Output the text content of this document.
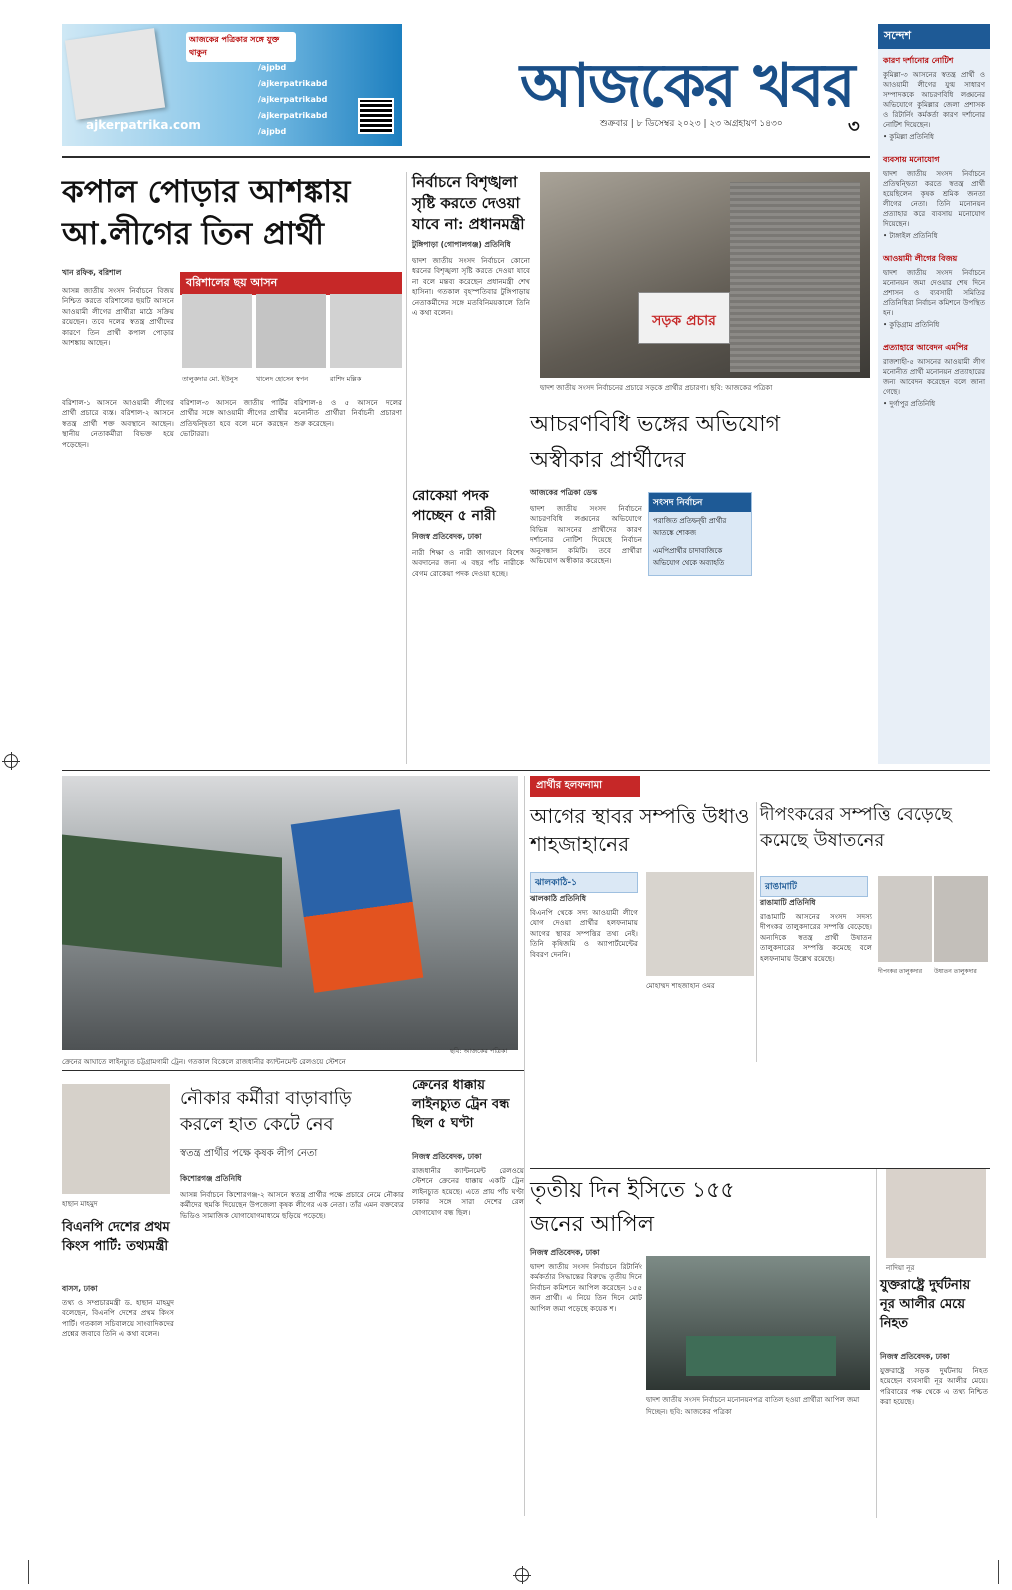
ajkerpatrika.com
আজকের পত্রিকার সঙ্গে যুক্ত থাকুন
/ajpbd
/ajkerpatrikabd
/ajkerpatrikabd
/ajkerpatrikabd
/ajpbd
আজকের খবর
শুক্রবার | ৮ ডিসেম্বর ২০২৩ | ২৩ অগ্রহায়ণ ১৪৩০	৩
সন্দেশ
কারণ দর্শানোর নোটিশ
কুমিল্লা-৩ আসনের স্বতন্ত্র প্রার্থী ও আওয়ামী লীগের যুগ্ম সাধারণ সম্পাদককে আচরণবিধি লঙ্ঘনের অভিযোগে কুমিল্লার জেলা প্রশাসক ও রিটার্নিং কর্মকর্তা কারণ দর্শানোর নোটিশ দিয়েছেন।
• কুমিল্লা প্রতিনিধি
ব্যবসায় মনোযোগ
দ্বাদশ জাতীয় সংসদ নির্বাচনে প্রতিদ্বন্দ্বিতা করতে স্বতন্ত্র প্রার্থী হয়েছিলেন কৃষক শ্রমিক জনতা লীগের নেতা। তিনি মনোনয়ন প্রত্যাহার করে ব্যবসায় মনোযোগ দিয়েছেন।
• টাঙ্গাইল প্রতিনিধি
আওয়ামী লীগের বিজয়
দ্বাদশ জাতীয় সংসদ নির্বাচনে মনোনয়ন জমা দেওয়ার শেষ দিনে প্রশাসন ও ব্যবসায়ী সমিতির প্রতিনিধিরা নির্বাচন কমিশনে উপস্থিত হন।
• কুড়িগ্রাম প্রতিনিধি
প্রত্যাহারে আবেদন এমপির
রাজশাহী-৫ আসনের আওয়ামী লীগ মনোনীত প্রার্থী মনোনয়ন প্রত্যাহারের জন্য আবেদন করেছেন বলে জানা গেছে।
• দুর্গাপুর প্রতিনিধি
কপাল পোড়ার আশঙ্কায়
আ.লীগের তিন প্রার্থী
খান রফিক, বরিশাল
বরিশালের ছয় আসন
তালুকদার মো. ইউনুস	খালেদ হোসেন স্বপন	রাশিদ মল্লিক
আসন্ন জাতীয় সংসদ নির্বাচনে বিজয় নিশ্চিত করতে বরিশালের ছয়টি আসনে আওয়ামী লীগের প্রার্থীরা মাঠে সক্রিয় রয়েছেন। তবে দলের স্বতন্ত্র প্রার্থীদের কারণে তিন প্রার্থী কপাল পোড়ার আশঙ্কায় আছেন।
বরিশাল-১ আসনে আওয়ামী লীগের প্রার্থী প্রচারে ব্যস্ত। বরিশাল-২ আসনে স্বতন্ত্র প্রার্থী শক্ত অবস্থানে আছেন। স্থানীয় নেতাকর্মীরা বিভক্ত হয়ে পড়েছেন।
বরিশাল-৩ আসনে জাতীয় পার্টির প্রার্থীর সঙ্গে আওয়ামী লীগের প্রার্থীর প্রতিদ্বন্দ্বিতা হবে বলে মনে করছেন ভোটাররা।
বরিশাল-৪ ও ৫ আসনে দলের মনোনীত প্রার্থীরা নির্বাচনী প্রচারণা শুরু করেছেন।
নির্বাচনে বিশৃঙ্খলা সৃষ্টি করতে দেওয়া যাবে না: প্রধানমন্ত্রী
টুঙ্গিপাড়া (গোপালগঞ্জ) প্রতিনিধি
দ্বাদশ জাতীয় সংসদ নির্বাচনে কোনো ধরনের বিশৃঙ্খলা সৃষ্টি করতে দেওয়া যাবে না বলে মন্তব্য করেছেন প্রধানমন্ত্রী শেখ হাসিনা। গতকাল বৃহস্পতিবার টুঙ্গিপাড়ায় নেতাকর্মীদের সঙ্গে মতবিনিময়কালে তিনি এ কথা বলেন।
সড়ক প্রচার
দ্বাদশ জাতীয় সংসদ নির্বাচনের প্রচারে সড়কে প্রার্থীর প্রচারণা। ছবি: আজকের পত্রিকা
রোকেয়া পদক পাচ্ছেন ৫ নারী
নিজস্ব প্রতিবেদক, ঢাকা
নারী শিক্ষা ও নারী জাগরণে বিশেষ অবদানের জন্য এ বছর পাঁচ নারীকে বেগম রোকেয়া পদক দেওয়া হচ্ছে।
আচরণবিধি ভঙ্গের অভিযোগ
অস্বীকার প্রার্থীদের
আজকের পত্রিকা ডেস্ক
সংসদ নির্বাচন
পরাজিত প্রতিদ্বন্দ্বী প্রার্থীর আতঙ্কে শোকজ
এমপিপ্রার্থীর চাদাবাজিকে অভিযোগ থেকে অব্যাহতি
দ্বাদশ জাতীয় সংসদ নির্বাচনে আচরণবিধি লঙ্ঘনের অভিযোগে বিভিন্ন আসনের প্রার্থীদের কারণ দর্শানোর নোটিশ দিয়েছে নির্বাচন অনুসন্ধান কমিটি। তবে প্রার্থীরা অভিযোগ অস্বীকার করেছেন।
ক্রেনের আঘাতে লাইনচ্যুত চট্টগ্রামগামী ট্রেন। গতকাল বিকেলে রাজধানীর ক্যান্টনমেন্ট রেলওয়ে স্টেশনে
ছবি: আজকের পত্রিকা
প্রার্থীর হলফনামা
আগের স্থাবর সম্পত্তি উধাও শাহজাহানের
ঝালকাঠি-১
ঝালকাঠি প্রতিনিধি
বিএনপি থেকে সদ্য আওয়ামী লীগে যোগ দেওয়া প্রার্থীর হলফনামায় আগের স্থাবর সম্পত্তির তথ্য নেই। তিনি কৃষিজমি ও অ্যাপার্টমেন্টের বিবরণ দেননি।
মোহাম্মদ শাহজাহান ওমর
দীপংকরের সম্পত্তি বেড়েছে কমেছে উষাতনের
রাঙামাটি
রাঙামাটি প্রতিনিধি
রাঙামাটি আসনের সংসদ সদস্য দীপংকর তালুকদারের সম্পত্তি বেড়েছে। অন্যদিকে স্বতন্ত্র প্রার্থী উষাতন তালুকদারের সম্পত্তি কমেছে বলে হলফনামায় উল্লেখ রয়েছে।
দীপংকর তালুকদার	উষাতন তালুকদার
ক্রেনের ধাক্কায় লাইনচ্যুত ট্রেন বন্ধ ছিল ৫ ঘণ্টা
নিজস্ব প্রতিবেদক, ঢাকা
রাজধানীর ক্যান্টনমেন্ট রেলওয়ে স্টেশনে ক্রেনের ধাক্কায় একটি ট্রেন লাইনচ্যুত হয়েছে। এতে প্রায় পাঁচ ঘণ্টা ঢাকার সঙ্গে সারা দেশের রেল যোগাযোগ বন্ধ ছিল।
হাছান মাহমুদ
নৌকার কর্মীরা বাড়াবাড়ি করলে হাত কেটে নেব
স্বতন্ত্র প্রার্থীর পক্ষে কৃষক লীগ নেতা
কিশোরগঞ্জ প্রতিনিধি
আসন্ন নির্বাচনে কিশোরগঞ্জ-২ আসনে স্বতন্ত্র প্রার্থীর পক্ষে প্রচারে নেমে নৌকার কর্মীদের হুমকি দিয়েছেন উপজেলা কৃষক লীগের এক নেতা। তাঁর এমন বক্তব্যের ভিডিও সামাজিক যোগাযোগমাধ্যমে ছড়িয়ে পড়েছে।
বিএনপি দেশের প্রথম কিংস পার্টি: তথ্যমন্ত্রী
বাসস, ঢাকা
তথ্য ও সম্প্রচারমন্ত্রী ড. হাছান মাহমুদ বলেছেন, বিএনপি দেশের প্রথম কিংস পার্টি। গতকাল সচিবালয়ে সাংবাদিকদের প্রশ্নের জবাবে তিনি এ কথা বলেন।
তৃতীয় দিন ইসিতে ১৫৫
জনের আপিল
নিজস্ব প্রতিবেদক, ঢাকা
দ্বাদশ জাতীয় সংসদ নির্বাচনে রিটার্নিং কর্মকর্তার সিদ্ধান্তের বিরুদ্ধে তৃতীয় দিনে নির্বাচন কমিশনে আপিল করেছেন ১৫৫ জন প্রার্থী। এ নিয়ে তিন দিনে মোট আপিল জমা পড়েছে কয়েক শ।
দ্বাদশ জাতীয় সংসদ নির্বাচনে মনোনয়নপত্র বাতিল হওয়া প্রার্থীরা আপিল জমা দিচ্ছেন। ছবি: আজকের পত্রিকা
নাদিয়া নূর
যুক্তরাষ্ট্রে দুর্ঘটনায় নূর আলীর মেয়ে নিহত
নিজস্ব প্রতিবেদক, ঢাকা
যুক্তরাষ্ট্রে সড়ক দুর্ঘটনায় নিহত হয়েছেন ব্যবসায়ী নূর আলীর মেয়ে। পরিবারের পক্ষ থেকে এ তথ্য নিশ্চিত করা হয়েছে।
